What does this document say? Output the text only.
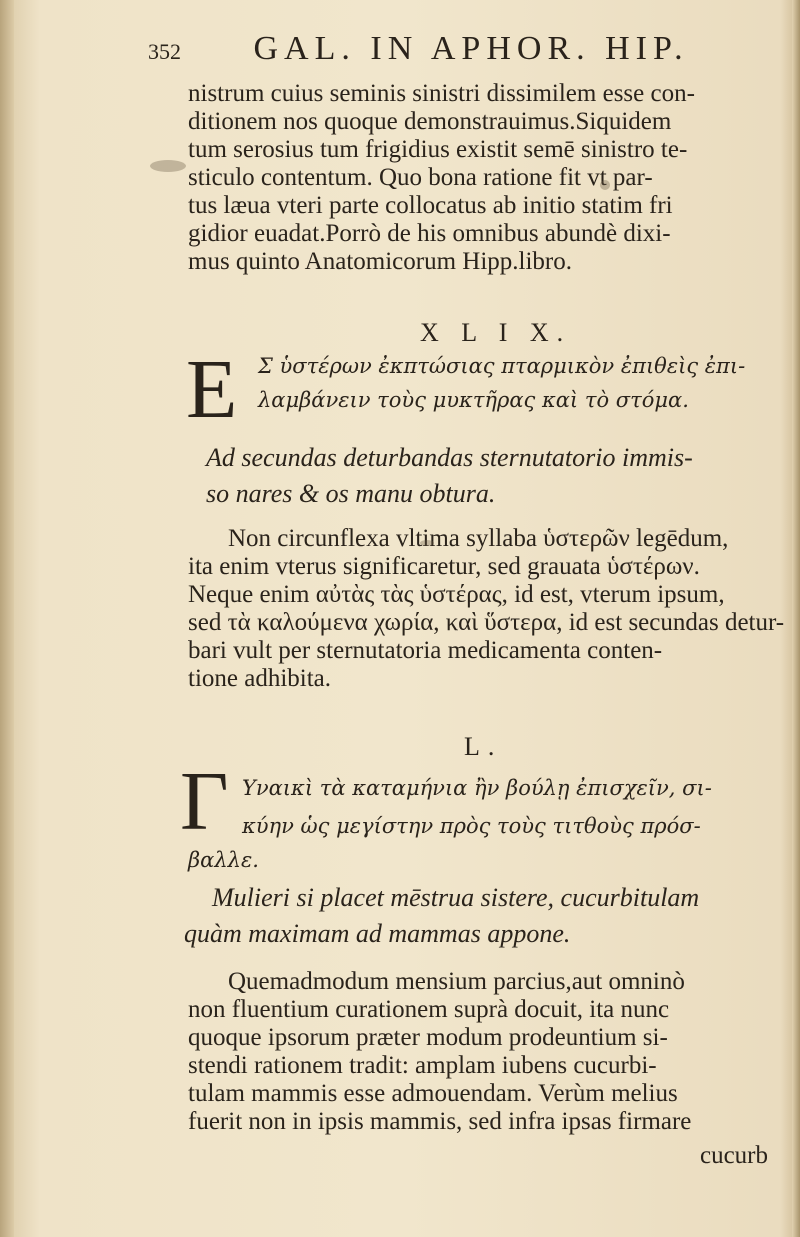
352 GAL. IN APHOR. HIP.
nistrum cuius seminis sinistri dissimilem esse con-
ditionem nos quoque demonstrauimus.Siquidem
tum serosius tum frigidius existit semē sinistro te-
sticulo contentum. Quo bona ratione fit vt par-
tus læua vteri parte collocatus ab initio statim fri
gidior euadat.Porrò de his omnibus abundè dixi-
mus quinto Anatomicorum Hipp.libro.
X L I X.
E Σ ὑστέρων ἐκπτώσιας πταρμικὸν ἐπιθεὶς ἐπι-
λαμβάνειν τοὺς μυκτῆρας καὶ τὸ στόμα.
Ad secundas deturbandas sternutatorio immis-
so nares & os manu obtura.
Non circunflexa vltima syllaba ὑστερῶν legēdum,
ita enim vterus significaretur, sed grauata ὑστέρων.
Neque enim αὐτὰς τὰς ὑστέρας, id est, vterum ipsum,
sed τὰ καλούμενα χωρία, καὶ ὕστερα, id est secundas detur-
bari vult per sternutatoria medicamenta conten-
tione adhibita.
L.
Γ Υναικὶ τὰ καταμήνια ἢν βούλῃ ἐπισχεῖν, σι-
κύην ὡς μεγίστην πρὸς τοὺς τιτθοὺς πρόσ-
βαλλε.
Mulieri si placet mēstrua sistere, cucurbitulam
quàm maximam ad mammas appone.
Quemadmodum mensium parcius,aut omninò
non fluentium curationem suprà docuit, ita nunc
quoque ipsorum præter modum prodeuntium si-
stendi rationem tradit: amplam iubens cucurbi-
tulam mammis esse admouendam. Verùm melius
fuerit non in ipsis mammis, sed infra ipsas firmare
cucurb
